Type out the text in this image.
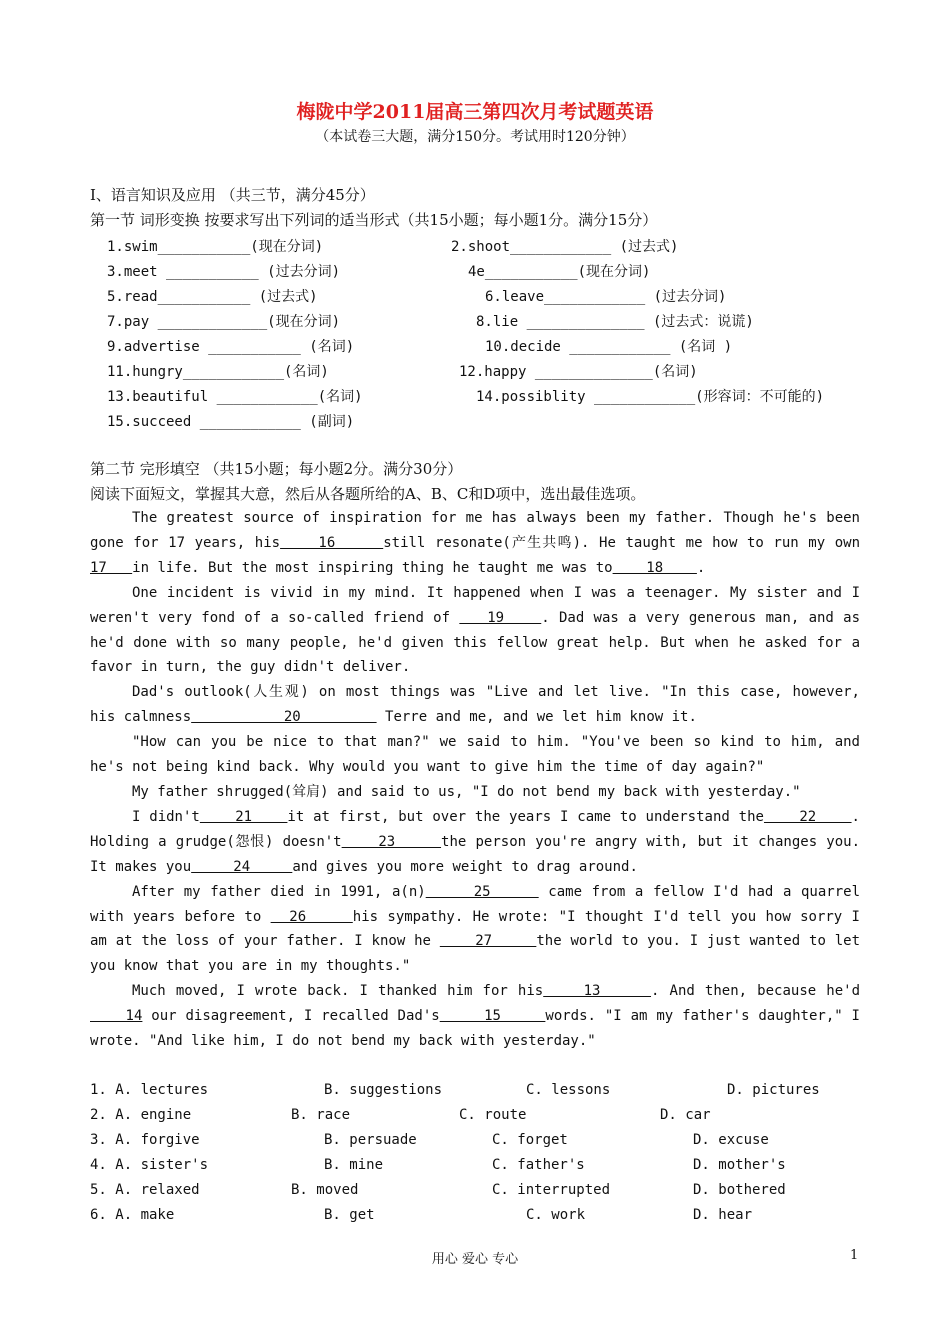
梅陇中学2011届高三第四次月考试题英语
（本试卷三大题，满分150分。考试用时120分钟）
Ⅰ、语言知识及应用 （共三节，满分45分）
第一节 词形变换 按要求写出下列词的适当形式（共15小题；每小题1分。满分15分）
1.swim___________(现在分词)	2.shoot____________ (过去式)
3.meet ___________ (过去分词)	4e___________(现在分词)
5.read___________ (过去式)	6.leave____________ (过去分词)
7.pay _____________(现在分词)	8.lie ______________ (过去式：说谎)
9.advertise ___________ (名词)	10.decide ____________ (名词 )
11.hungry____________(名词)	12.happy ______________(名词)
13.beautiful ____________(名词)	14.possiblity ____________(形容词：不可能的)
15.succeed ____________ (副词)
第二节 完形填空 （共15小题；每小题2分。满分30分）
阅读下面短文，掌握其大意，然后从各题所给的A、B、C和D项中，选出最佳选项。
The greatest source of inspiration for me has always been my father. Though he's been gone for 17 years, his    16     still resonate(产生共鸣). He taught me how to run my own 17   in life. But the most inspiring thing he taught me was to    18    .
One incident is vivid in my mind. It happened when I was a teenager. My sister and I weren't very fond of a so-called friend of    19    . Dad was a very generous man, and as he'd done with so many people, he'd given this fellow great help. But when he asked for a favor in turn, the guy didn't deliver.
Dad's outlook(人生观) on most things was "Live and let live. "In this case, however, his calmness           20          Terre and me, and we let him know it.
"How can you be nice to that man?" we said to him. "You've been so kind to him, and he's not being kind back. Why would you want to give him the time of day again?"
My father shrugged(耸肩) and said to us, "I do not bend my back with yesterday."
I didn't    21    it at first, but over the years I came to understand the    22    . Holding a grudge(怨恨) doesn't    23     the person you're angry with, but it changes you. It makes you     24     and gives you more weight to drag around.
After my father died in 1991, a(n)     25      came from a fellow I'd had a quarrel with years before to   26     his sympathy. He wrote: "I thought I'd tell you how sorry I am at the loss of your father. I know he     27     the world to you. I just wanted to let you know that you are in my thoughts."
Much moved, I wrote back. I thanked him for his    13     . And then, because he'd    14 our disagreement, I recalled Dad's     15     words. "I am my father's daughter," I wrote. "And like him, I do not bend my back with yesterday."
1. A. lectures	B. suggestions	C. lessons	D. pictures
2. A. engine	B. race	C. route	D. car
3. A. forgive	B. persuade	C. forget	D. excuse
4. A. sister's	B. mine	C. father's	D. mother's
5. A. relaxed	B. moved	C. interrupted	D. bothered
6. A. make	B. get	C. work	D. hear
用心 爱心 专心	1
